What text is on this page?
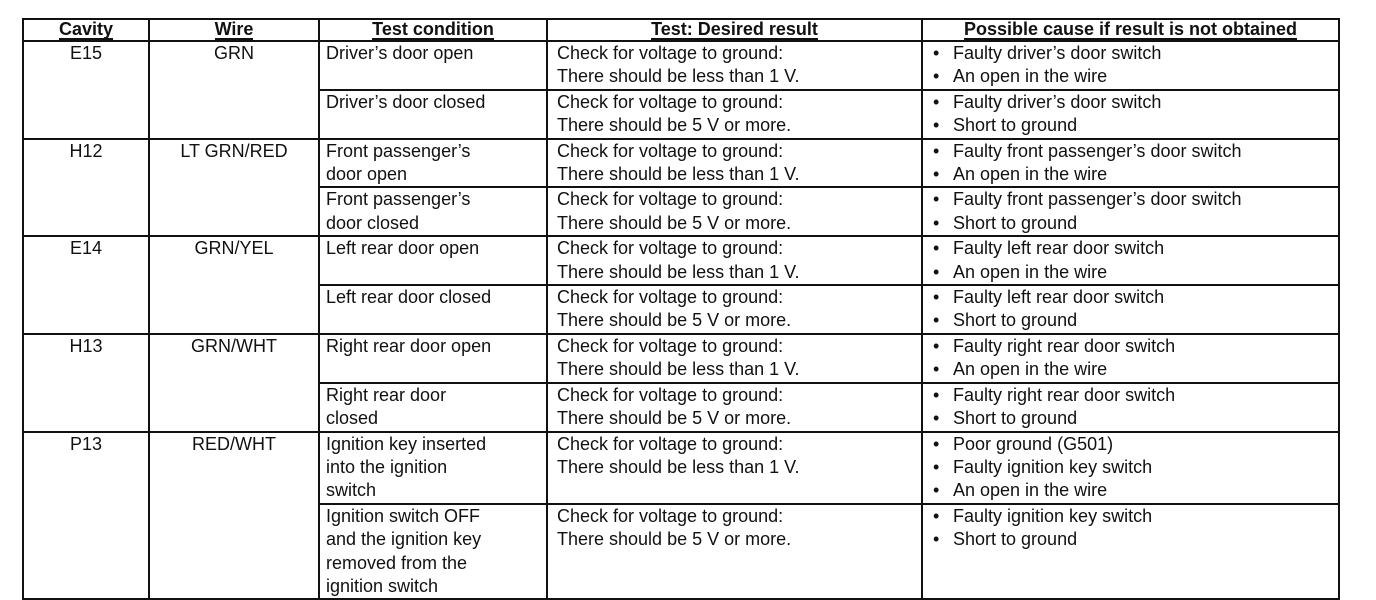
Cavity	Wire	Test condition	Test: Desired result	Possible cause if result is not obtained
E15	GRN	Driver’s door open	Check for voltage to ground:
There should be less than 1 V.	• Faulty driver’s door switch
• An open in the wire

		Driver’s door closed	Check for voltage to ground:
There should be 5 V or more.	• Faulty driver’s door switch
• Short to ground

H12	LT GRN/RED	Front passenger’s
door open	Check for voltage to ground:
There should be less than 1 V.	• Faulty front passenger’s door switch
• An open in the wire

		Front passenger’s
door closed	Check for voltage to ground:
There should be 5 V or more.	• Faulty front passenger’s door switch
• Short to ground

E14	GRN/YEL	Left rear door open	Check for voltage to ground:
There should be less than 1 V.	• Faulty left rear door switch
• An open in the wire

		Left rear door closed	Check for voltage to ground:
There should be 5 V or more.	• Faulty left rear door switch
• Short to ground

H13	GRN/WHT	Right rear door open	Check for voltage to ground:
There should be less than 1 V.	• Faulty right rear door switch
• An open in the wire

		Right rear door
closed	Check for voltage to ground:
There should be 5 V or more.	• Faulty right rear door switch
• Short to ground

P13	RED/WHT	Ignition key inserted
into the ignition
switch	Check for voltage to ground:
There should be less than 1 V.	• Poor ground (G501)
• Faulty ignition key switch
• An open in the wire

		Ignition switch OFF
and the ignition key
removed from the
ignition switch	Check for voltage to ground:
There should be 5 V or more.	• Faulty ignition key switch
• Short to ground
